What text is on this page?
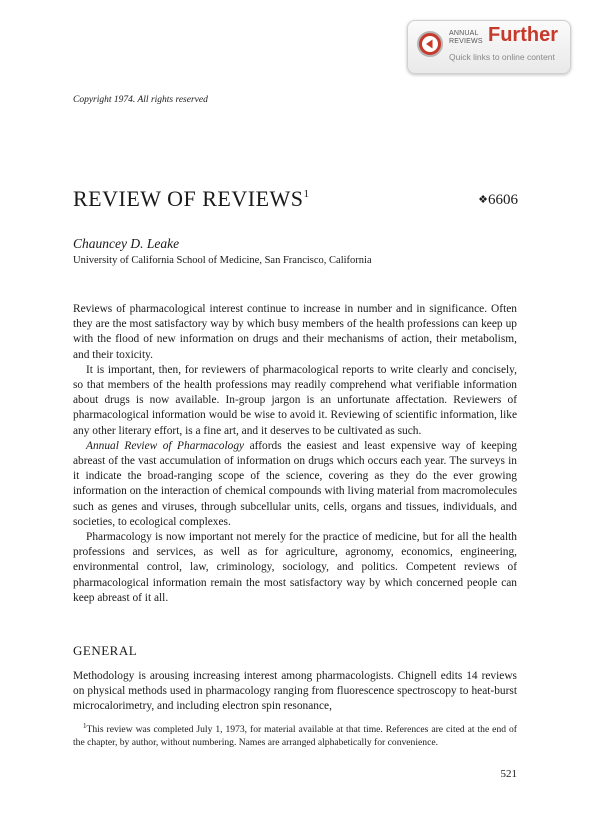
ANNUAL
REVIEWS Further
Quick links to online content
Copyright 1974. All rights reserved
REVIEW OF REVIEWS$^1$	❖6606
Chauncey D. Leake
University of California School of Medicine, San Francisco, California

Reviews of pharmacological interest continue to increase in number and in significance. Often they are the most satisfactory way by which busy members of the health professions can keep up with the flood of new information on drugs and their mechanisms of action, their metabolism, and their toxicity.

It is important, then, for reviewers of pharmacological reports to write clearly and concisely, so that members of the health professions may readily comprehend what verifiable information about drugs is now available. In-group jargon is an unfortunate affectation. Reviewers of pharmacological information would be wise to avoid it. Reviewing of scientific information, like any other literary effort, is a fine art, and it deserves to be cultivated as such.

Annual Review of Pharmacology affords the easiest and least expensive way of keeping abreast of the vast accumulation of information on drugs which occurs each year. The surveys in it indicate the broad-ranging scope of the science, covering as they do the ever growing information on the interaction of chemical compounds with living material from macromolecules such as genes and viruses, through subcellular units, cells, organs and tissues, individuals, and societies, to ecological complexes.

Pharmacology is now important not merely for the practice of medicine, but for all the health professions and services, as well as for agriculture, agronomy, economics, engineering, environmental control, law, criminology, sociology, and politics. Competent reviews of pharmacological information remain the most satisfactory way by which concerned people can keep abreast of it all.

GENERAL

Methodology is arousing increasing interest among pharmacologists. Chignell edits 14 reviews on physical methods used in pharmacology ranging from fluorescence spectroscopy to heat-burst microcalorimetry, and including electron spin resonance,

$^1$This review was completed July 1, 1973, for material available at that time. References are cited at the end of the chapter, by author, without numbering. Names are arranged alphabetically for convenience.

521
